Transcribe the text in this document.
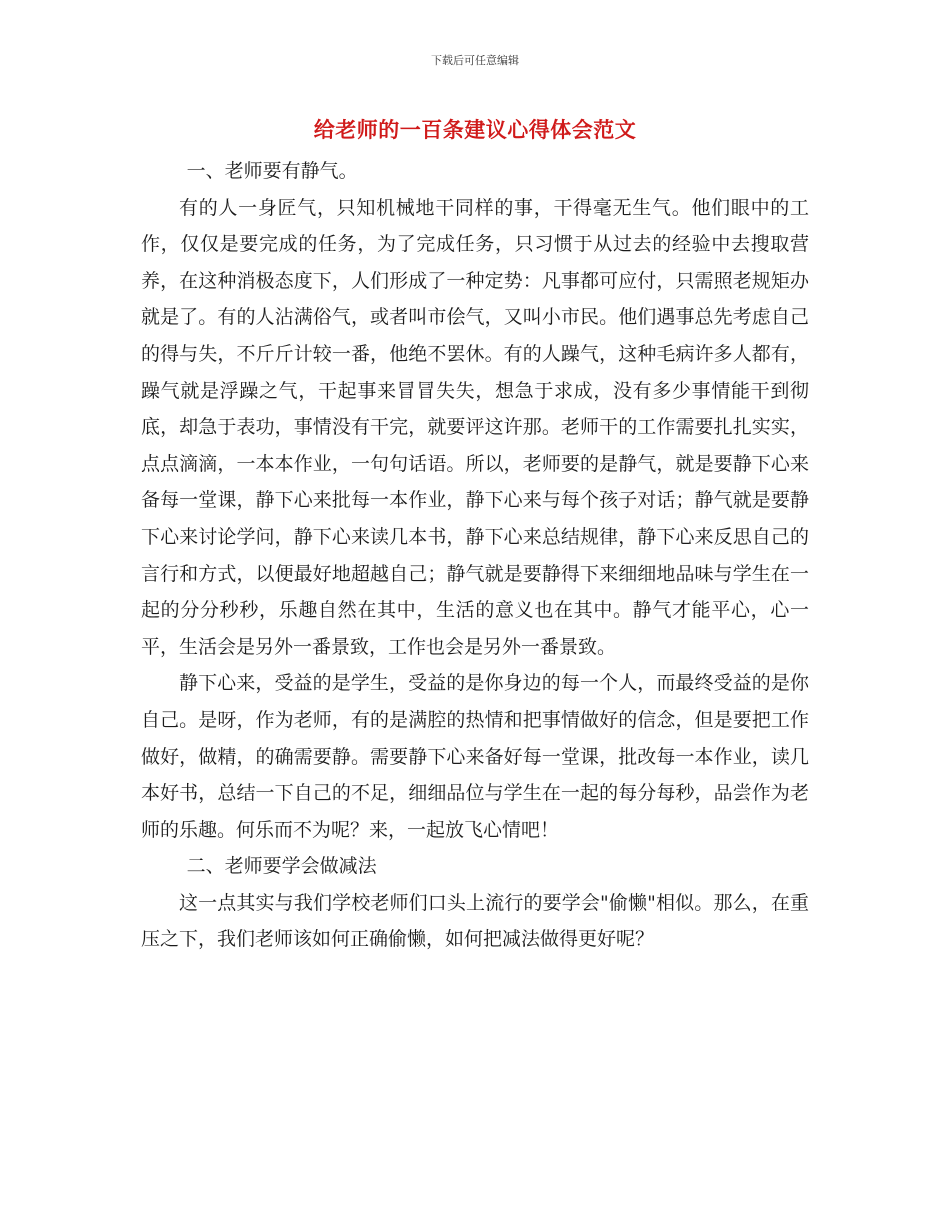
下载后可任意编辑
给老师的一百条建议心得体会范文

一、老师要有静气。

有的人一身匠气，只知机械地干同样的事，干得毫无生气。他们眼中的工作，仅仅是要完成的任务，为了完成任务，只习惯于从过去的经验中去搜取营养，在这种消极态度下，人们形成了一种定势：凡事都可应付，只需照老规矩办就是了。有的人沾满俗气，或者叫市侩气，又叫小市民。他们遇事总先考虑自己的得与失，不斤斤计较一番，他绝不罢休。有的人躁气，这种毛病许多人都有，躁气就是浮躁之气，干起事来冒冒失失，想急于求成，没有多少事情能干到彻底，却急于表功，事情没有干完，就要评这许那。老师干的工作需要扎扎实实，点点滴滴，一本本作业，一句句话语。所以，老师要的是静气，就是要静下心来备每一堂课，静下心来批每一本作业，静下心来与每个孩子对话；静气就是要静下心来讨论学问，静下心来读几本书，静下心来总结规律，静下心来反思自己的言行和方式，以便最好地超越自己；静气就是要静得下来细细地品味与学生在一起的分分秒秒，乐趣自然在其中，生活的意义也在其中。静气才能平心，心一平，生活会是另外一番景致，工作也会是另外一番景致。

静下心来，受益的是学生，受益的是你身边的每一个人，而最终受益的是你自己。是呀，作为老师，有的是满腔的热情和把事情做好的信念，但是要把工作做好，做精，的确需要静。需要静下心来备好每一堂课，批改每一本作业，读几本好书，总结一下自己的不足，细细品位与学生在一起的每分每秒，品尝作为老师的乐趣。何乐而不为呢？来，一起放飞心情吧！

二、老师要学会做减法

这一点其实与我们学校老师们口头上流行的要学会"偷懒"相似。那么，在重压之下，我们老师该如何正确偷懒，如何把减法做得更好呢？
